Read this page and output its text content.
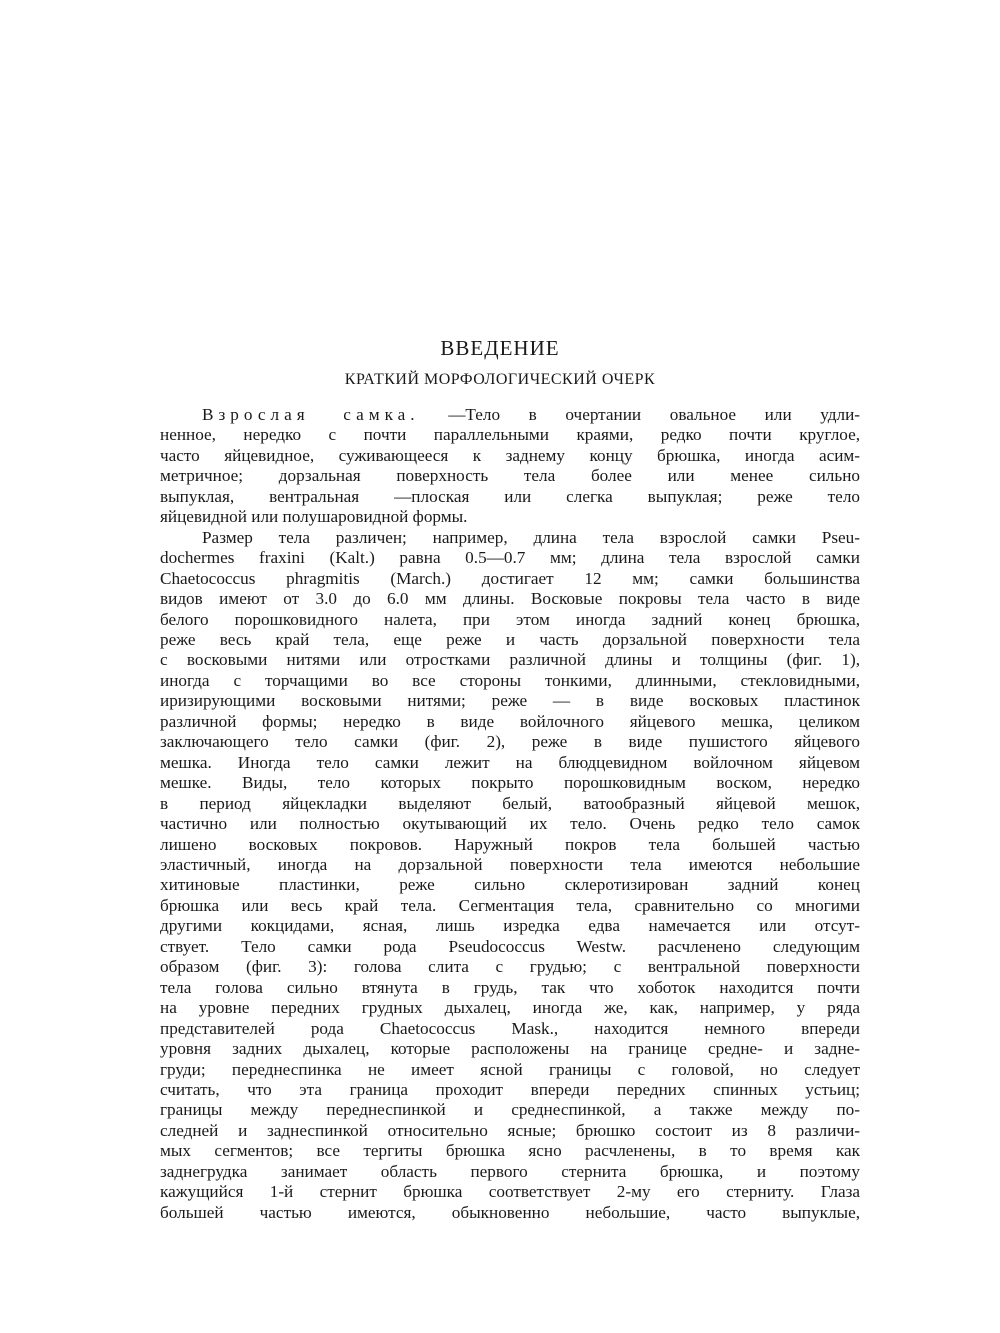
ВВЕДЕНИЕ
КРАТКИЙ МОРФОЛОГИЧЕСКИЙ ОЧЕРК
Взрослая самка. —Тело в очертании овальное или удли-
ненное, нередко с почти параллельными краями, редко почти круглое,
часто яйцевидное, суживающееся к заднему концу брюшка, иногда асим-
метричное; дорзальная поверхность тела более или менее сильно
выпуклая, вентральная —плоская или слегка выпуклая; реже тело
яйцевидной или полушаровидной формы.
Размер тела различен; например, длина тела взрослой самки Pseu-
dochermes fraxini (Kalt.) равна 0.5—0.7 мм; длина тела взрослой самки
Chaetococcus phragmitis (March.) достигает 12 мм; самки большинства
видов имеют от 3.0 до 6.0 мм длины. Восковые покровы тела часто в виде
белого порошковидного налета, при этом иногда задний конец брюшка,
реже весь край тела, еще реже и часть дорзальной поверхности тела
с восковыми нитями или отростками различной длины и толщины (фиг. 1),
иногда с торчащими во все стороны тонкими, длинными, стекловидными,
иризирующими восковыми нитями; реже — в виде восковых пластинок
различной формы; нередко в виде войлочного яйцевого мешка, целиком
заключающего тело самки (фиг. 2), реже в виде пушистого яйцевого
мешка. Иногда тело самки лежит на блюдцевидном войлочном яйцевом
мешке. Виды, тело которых покрыто порошковидным воском, нередко
в период яйцекладки выделяют белый, ватообразный яйцевой мешок,
частично или полностью окутывающий их тело. Очень редко тело самок
лишено восковых покровов. Наружный покров тела большей частью
эластичный, иногда на дорзальной поверхности тела имеются небольшие
хитиновые пластинки, реже сильно склеротизирован задний конец
брюшка или весь край тела. Сегментация тела, сравнительно со многими
другими кокцидами, ясная, лишь изредка едва намечается или отсут-
ствует. Тело самки рода Pseudococcus Westw. расчленено следующим
образом (фиг. 3): голова слита с грудью; с вентральной поверхности
тела голова сильно втянута в грудь, так что хоботок находится почти
на уровне передних грудных дыхалец, иногда же, как, например, у ряда
представителей рода Chaetococcus Mask., находится немного впереди
уровня задних дыхалец, которые расположены на границе средне- и задне-
груди; переднеспинка не имеет ясной границы с головой, но следует
считать, что эта граница проходит впереди передних спинных устьиц;
границы между переднеспинкой и среднеспинкой, а также между по-
следней и заднеспинкой относительно ясные; брюшко состоит из 8 различи-
мых сегментов; все тергиты брюшка ясно расчленены, в то время как
заднегрудка занимает область первого стернита брюшка, и поэтому
кажущийся 1-й стернит брюшка соответствует 2-му его стерниту. Глаза
большей частью имеются, обыкновенно небольшие, часто выпуклые,
